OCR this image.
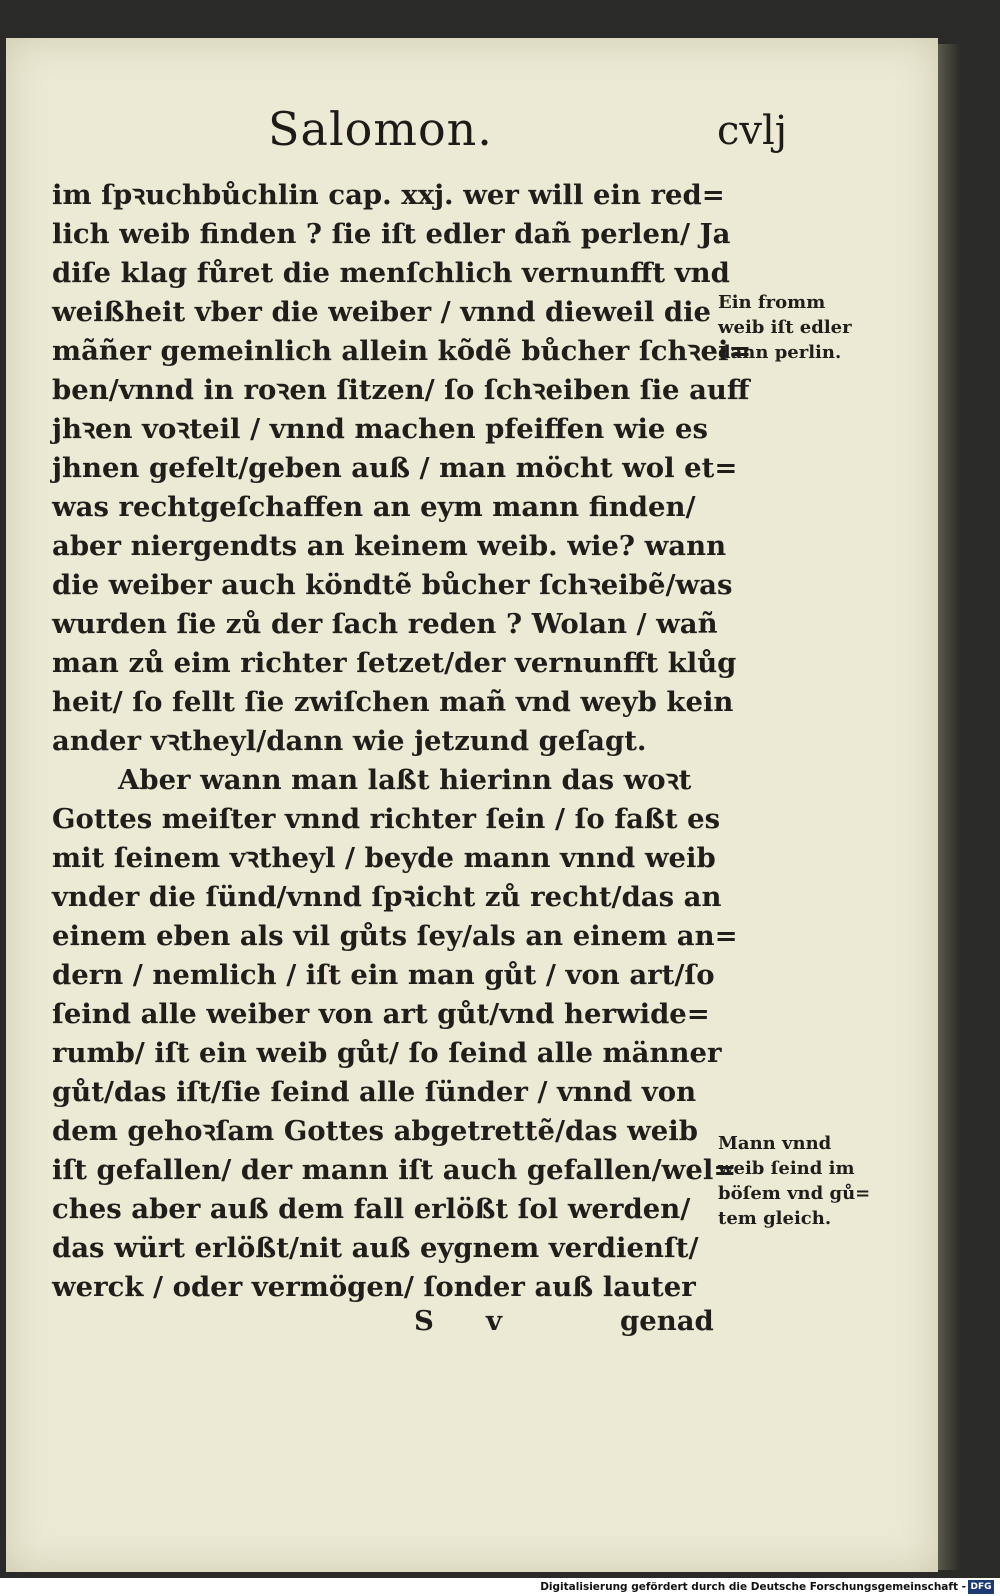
Salomon.	cvlj
im ſpꝛuchbůchlin cap. xxj. wer will ein red=
lich weib finden ? ſie iſt edler dañ perlen/ Ja
diſe klag fůret die menſchlich vernunfft vnd
weißheit vber die weiber / vnnd dieweil die
mãñer gemeinlich allein kõdẽ bůcher ſchꝛei=
ben/vnnd in roꝛen ſitzen/ ſo ſchꝛeiben ſie auff
jhꝛen voꝛteil / vnnd machen pfeiffen wie es
jhnen gefelt/geben auß / man möcht wol et=
was rechtgeſchaffen an eym mann finden/
aber niergendts an keinem weib. wie? wann
die weiber auch köndtẽ bůcher ſchꝛeibẽ/was
wurden ſie zů der ſach reden ? Wolan / wañ
man zů eim richter ſetzet/der vernunfft klůg
heit/ ſo fellt ſie zwiſchen mañ vnd weyb kein
ander vꝛtheyl/dann wie jetzund geſagt.
Aber wann man laßt hierinn das woꝛt
Gottes meiſter vnnd richter ſein / ſo faßt es
mit ſeinem vꝛtheyl / beyde mann vnnd weib
vnder die ſünd/vnnd ſpꝛicht zů recht/das an
einem eben als vil gůts ſey/als an einem an=
dern / nemlich / iſt ein man gůt / von art/ſo
ſeind alle weiber von art gůt/vnd herwide=
rumb/ iſt ein weib gůt/ ſo ſeind alle männer
gůt/das iſt/ſie ſeind alle ſünder / vnnd von
dem gehoꝛſam Gottes abgetrettẽ/das weib
iſt gefallen/ der mann iſt auch gefallen/wel=
ches aber auß dem fall erlößt ſol werden/
das würt erlößt/nit auß eygnem verdienſt/
werck / oder vermögen/ ſonder auß lauter
S v	genad
Ein fromm
weib iſt edler
dann perlin.
Mann vnnd
weib ſeind im
böſem vnd gů=
tem gleich.
Digitalisierung gefördert durch die Deutsche Forschungsgemeinschaft - DFG
